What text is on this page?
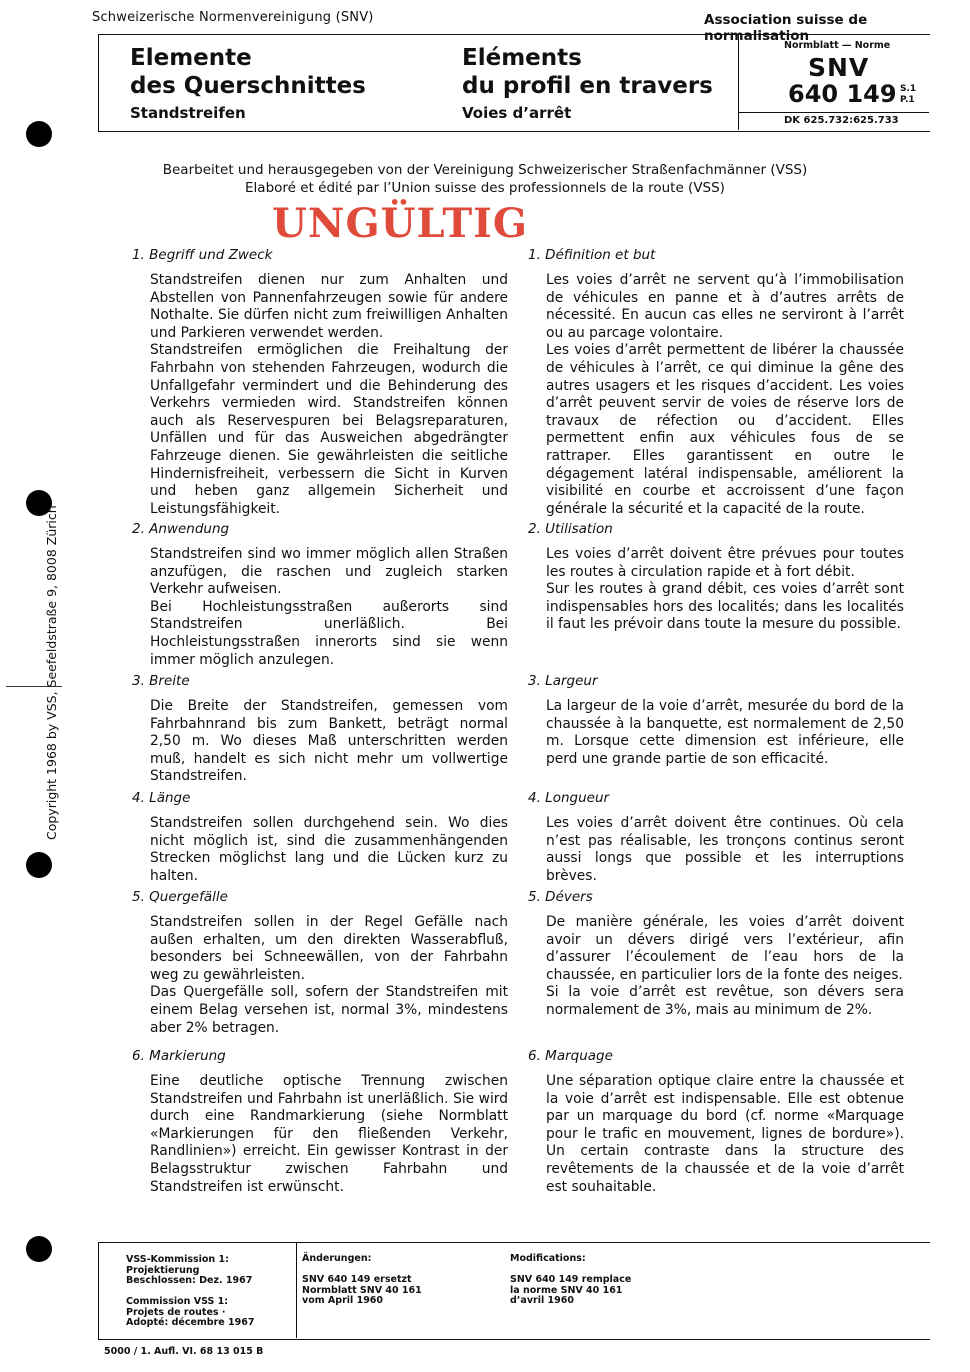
Schweizerische Normenvereinigung (SNV)	Association suisse de normalisation
Elemente
des Querschnittes
Standstreifen
Eléments
du profil en travers
Voies d’arrêt
Normblatt — Norme
SNV
640 149 S.1
P.1
DK 625.732:625.733
Bearbeitet und herausgegeben von der Vereinigung Schweizerischer Straßenfachmänner (VSS)
Elaboré et édité par l’Union suisse des professionnels de la route (VSS)
UNGÜLTIG
1. Begriff und Zweck
Standstreifen dienen nur zum Anhalten und Abstellen von Pannenfahrzeugen sowie für andere Nothalte. Sie dürfen nicht zum freiwilligen Anhalten und Parkieren verwendet werden.
Standstreifen ermöglichen die Freihaltung der Fahrbahn von stehenden Fahrzeugen, wodurch die Unfallgefahr vermindert und die Behinderung des Verkehrs vermieden wird. Standstreifen können auch als Reservespuren bei Belagsreparaturen, Unfällen und für das Ausweichen abgedrängter Fahrzeuge dienen. Sie gewährleisten die seitliche Hindernisfreiheit, verbessern die Sicht in Kurven und heben ganz allgemein Sicherheit und Leistungsfähigkeit.
2. Anwendung
Standstreifen sind wo immer möglich allen Straßen anzufügen, die raschen und zugleich starken Verkehr aufweisen.
Bei Hochleistungsstraßen außerorts sind Standstreifen unerläßlich. Bei Hochleistungsstraßen innerorts sind sie wenn immer möglich anzulegen.
3. Breite
Die Breite der Standstreifen, gemessen vom Fahrbahnrand bis zum Bankett, beträgt normal 2,50 m. Wo dieses Maß unterschritten werden muß, handelt es sich nicht mehr um vollwertige Standstreifen.
4. Länge
Standstreifen sollen durchgehend sein. Wo dies nicht möglich ist, sind die zusammenhängenden Strecken möglichst lang und die Lücken kurz zu halten.
5. Quergefälle
Standstreifen sollen in der Regel Gefälle nach außen erhalten, um den direkten Wasserabfluß, besonders bei Schneewällen, von der Fahrbahn weg zu gewährleisten.
Das Quergefälle soll, sofern der Standstreifen mit einem Belag versehen ist, normal 3%, mindestens aber 2% betragen.
6. Markierung
Eine deutliche optische Trennung zwischen Standstreifen und Fahrbahn ist unerläßlich. Sie wird durch eine Randmarkierung (siehe Normblatt «Markierungen für den fließenden Verkehr, Randlinien») erreicht. Ein gewisser Kontrast in der Belagsstruktur zwischen Fahrbahn und Standstreifen ist erwünscht.
1. Définition et but
Les voies d’arrêt ne servent qu’à l’immobilisation de véhicules en panne et à d’autres arrêts de nécessité. En aucun cas elles ne serviront à l’arrêt ou au parcage volontaire.
Les voies d’arrêt permettent de libérer la chaussée de véhicules à l’arrêt, ce qui diminue la gêne des autres usagers et les risques d’accident. Les voies d’arrêt peuvent servir de voies de réserve lors de travaux de réfection ou d’accident. Elles permettent enfin aux véhicules fous de se rattraper. Elles garantissent en outre le dégagement latéral indispensable, améliorent la visibilité en courbe et accroissent d’une façon générale la sécurité et la capacité de la route.
2. Utilisation
Les voies d’arrêt doivent être prévues pour toutes les routes à circulation rapide et à fort débit.
Sur les routes à grand débit, ces voies d’arrêt sont indispensables hors des localités; dans les localités il faut les prévoir dans toute la mesure du possible.
3. Largeur
La largeur de la voie d’arrêt, mesurée du bord de la chaussée à la banquette, est normalement de 2,50 m. Lorsque cette dimension est inférieure, elle perd une grande partie de son efficacité.
4. Longueur
Les voies d’arrêt doivent être continues. Où cela n’est pas réalisable, les tronçons continus seront aussi longs que possible et les interruptions brèves.
5. Dévers
De manière générale, les voies d’arrêt doivent avoir un dévers dirigé vers l’extérieur, afin d’assurer l’écoulement de l’eau hors de la chaussée, en particulier lors de la fonte des neiges.
Si la voie d’arrêt est revêtue, son dévers sera normalement de 3%, mais au minimum de 2%.
6. Marquage
Une séparation optique claire entre la chaussée et la voie d’arrêt est indispensable. Elle est obtenue par un marquage du bord (cf. norme «Marquage pour le trafic en mouvement, lignes de bordure»). Un certain contraste dans la structure des revêtements de la chaussée et de la voie d’arrêt est souhaitable.
Copyright 1968 by VSS, Seefeldstraße 9, 8008 Zürich
VSS-Kommission 1:
Projektierung
Beschlossen: Dez. 1967
Commission VSS 1:
Projets de routes ·
Adopté: décembre 1967
Änderungen:
SNV 640 149 ersetzt
Normblatt SNV 40 161
vom April 1960
Modifications:
SNV 640 149 remplace
la norme SNV 40 161
d’avril 1960
5000 / 1. Aufl. VI. 68 13 015 B
